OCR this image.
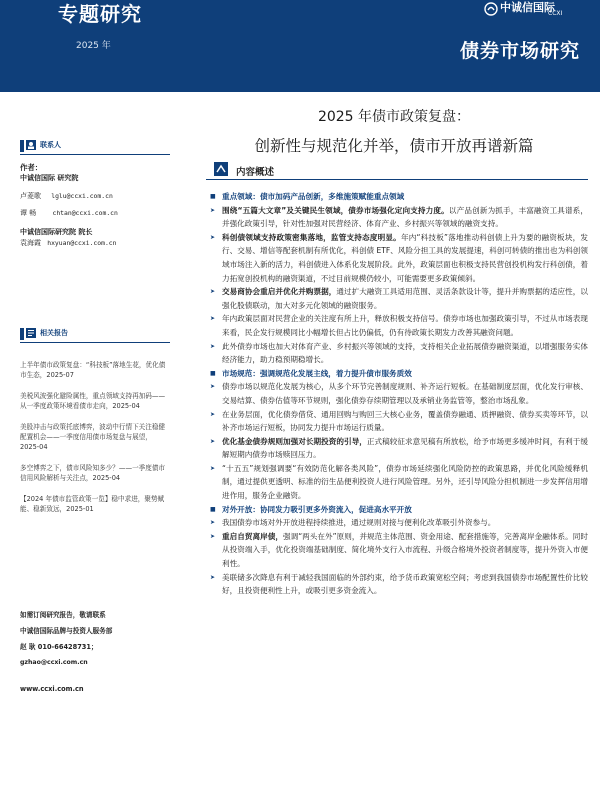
专题研究
2025 年
中诚信国际
CCXI
债券市场研究
联系人
作者：
中诚信国际 研究院
卢菱歌 lglu@ccxi.com.cn
谭 畅	chtan@ccxi.com.cn
中诚信国际研究院 院长
袁海霞 hxyuan@ccxi.com.cn
相关报告
上半年债市政策复盘：“科技板”落地生花，优化债市生态，2025-07
美税风波强化避险属性，重点领域支持再加码——从一季度政策环境看债市走向，2025-04
美股冲击与政策托底博弈，波动中行情下关注稳健配置机会——一季度信用债市场复盘与展望，2025-04
多空博弈之下，债市风险知多少？——一季度债市信用风险解析与关注点，2025-04
【2024 年债市监管政策一览】稳中求进，聚势赋能、稳新致远，2025-01
如需订阅研究报告，敬请联系
中诚信国际品牌与投资人服务部
赵 耿 010-66428731；
gzhao@ccxi.com.cn
www.ccxi.com.cn
2025 年债市政策复盘：
创新性与规范化并举，债市开放再谱新篇
内容概述
■ 重点领域：债市加码产品创新，多维施策赋能重点领域
➤ 围绕“五篇大文章”及关键民生领域，债券市场强化定向支持力度。以产品创新为抓手，丰富融资工具谱系，并强化政策引导，针对性加强对民营经济、体育产业、乡村振兴等领域的融资支持。
➤ 科创债领域支持政策密集落地，监管支持态度明显。年内“科技板”落地推动科创债上升为要的融资板块，发行、交易、增信等配套机制有所优化，科创债 ETF、风险分担工具的发展提速，科创可转债的推出也为科创领域市场注入新的活力，科创债进入体系化发展阶段。此外，政策层面也积极支持民营创投机构发行科创债，着力拓宽创投机构的融资渠道，不过目前规模仍较小，可能需要更多政策倾斜。
➤ 交易商协会重启并优化并购票据，通过扩大融资工具适用范围、灵活条款设计等，提升并购票据的适应性，以强化股债联动，加大对多元化领域的融资服务。
➤ 年内政策层面对民营企业的关注度有所上升，释放积极支持信号。债券市场也加强政策引导，不过从市场表现来看，民企发行规模同比小幅增长但占比仍偏低，仍有待政策长期发力改善其融资问题。
➤ 此外债券市场也加大对体育产业、乡村振兴等领域的支持，支持相关企业拓展债券融资渠道，以增强服务实体经济能力，助力稳预期稳增长。
■ 市场规范：强调规范化发展主线，着力提升债市服务质效
➤ 债券市场以规范化发展为核心，从多个环节完善制度规则、补齐运行短板。在基础制度层面，优化发行审核、交易结算、债券估值等环节规则，强化债券存续期管理以及承销业务监管等，整治市场乱象。
➤ 在业务层面，优化债券借贷、通用回购与购回三大核心业务，覆盖债券融通、质押融资、债券买卖等环节，以补齐市场运行短板，协同发力提升市场运行质量。
➤ 优化基金债券规则加强对长期投资的引导，正式稿较征求意见稿有所放松，给予市场更多缓冲时间，有利于缓解短期内债券市场赎回压力。
➤ “十五五”规划强调要“有效防范化解各类风险”，债券市场延续强化风险防控的政策思路，并优化风险缓释机制，通过提供更透明、标准的衍生品便利投资人进行风险管理。另外，还引导风险分担机制进一步发挥信用增进作用，服务企业融资。
■ 对外开放：协同发力吸引更多外资流入，促进高水平开放
➤ 我国债券市场对外开放进程持续推进，通过规则对接与便利化改革吸引外资参与。
➤ 重启自贸离岸债，强调“两头在外”原则，并规范主体范围、资金用途、配套措施等，完善离岸金融体系。同时从投资端入手，优化投资端基础制度、简化境外支行入市流程、升级合格境外投资者制度等，提升外资入市便利性。
➤ 美联储多次降息有利于减轻我国面临的外部约束，给予货币政策宽松空间；考虑到我国债券市场配置性价比较好，且投资便利性上升，或吸引更多资金流入。
